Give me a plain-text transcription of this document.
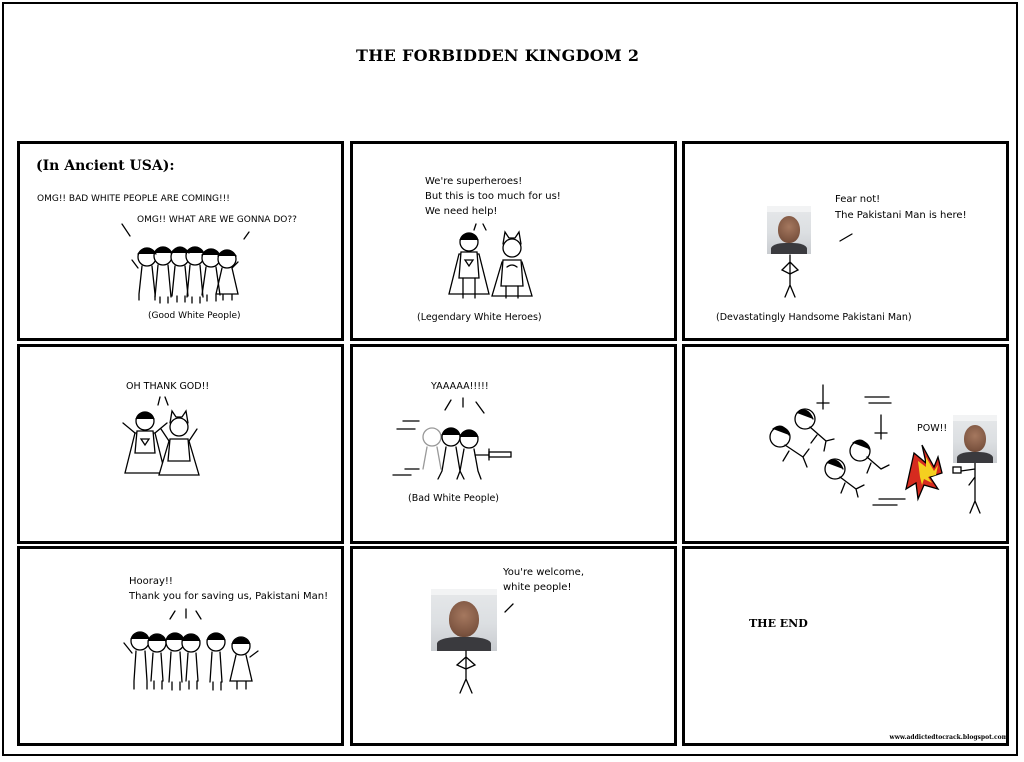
THE FORBIDDEN KINGDOM 2
(In Ancient USA):
OMG!! BAD WHITE PEOPLE ARE COMING!!!
OMG!! WHAT ARE WE GONNA DO??
(Good White People)
We're superheroes!
But this is too much for us!
We need help!
(Legendary White Heroes)
Fear not!
The Pakistani Man is here!
(Devastatingly Handsome Pakistani Man)
OH THANK GOD!!	YAAAAA!!!!!
(Bad White People)
POW!!
Hooray!!
Thank you for saving us, Pakistani Man!
You're welcome,
white people!
THE END
www.addictedtocrack.blogspot.com
